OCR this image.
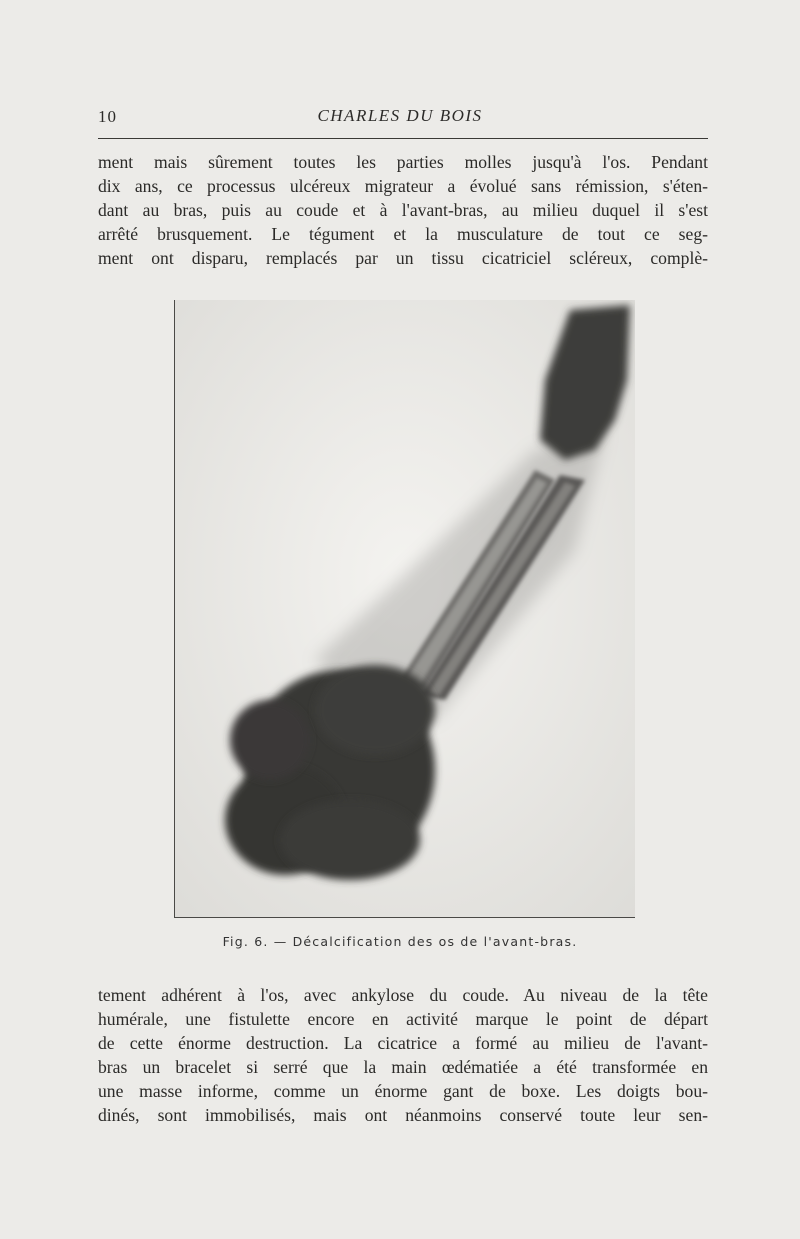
10	CHARLES DU BOIS
ment mais sûrement toutes les parties molles jusqu'à l'os. Pendant
dix ans, ce processus ulcéreux migrateur a évolué sans rémission, s'éten-
dant au bras, puis au coude et à l'avant-bras, au milieu duquel il s'est
arrêté brusquement. Le tégument et la musculature de tout ce seg-
ment ont disparu, remplacés par un tissu cicatriciel scléreux, complè-
Fig. 6. — Décalcification des os de l'avant-bras.
tement adhérent à l'os, avec ankylose du coude. Au niveau de la tête
humérale, une fistulette encore en activité marque le point de départ
de cette énorme destruction. La cicatrice a formé au milieu de l'avant-
bras un bracelet si serré que la main œdématiée a été transformée en
une masse informe, comme un énorme gant de boxe. Les doigts bou-
dinés, sont immobilisés, mais ont néanmoins conservé toute leur sen-
